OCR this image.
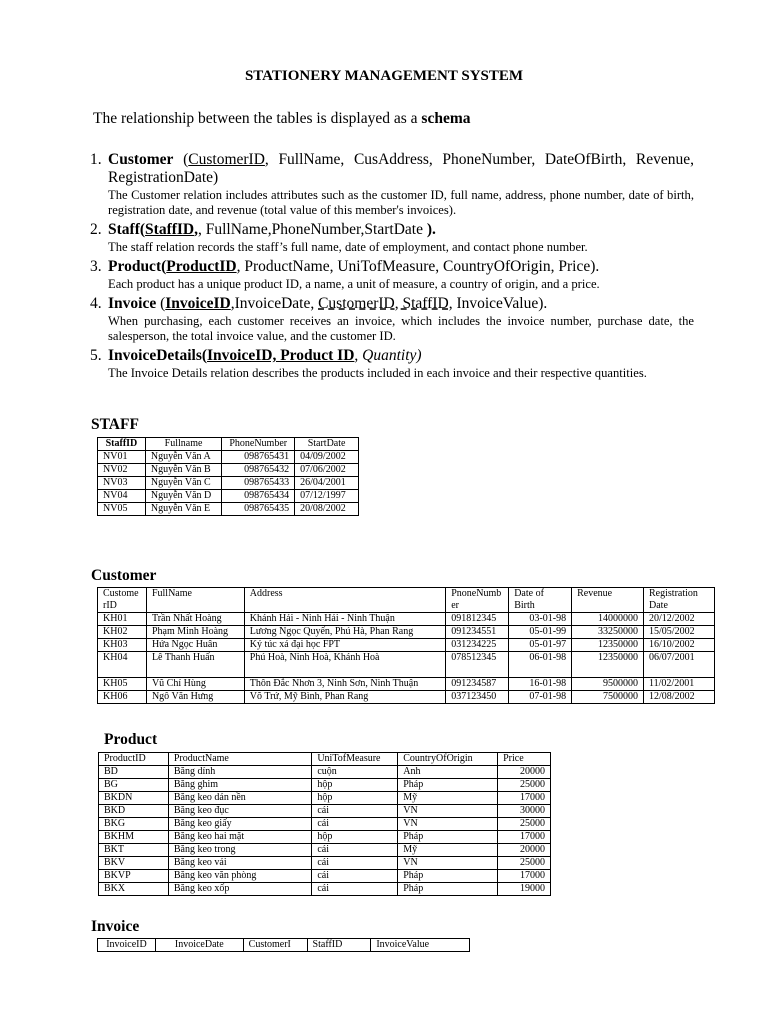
STATIONERY MANAGEMENT SYSTEM
The relationship between the tables is displayed as a schema
1. Customer (CustomerID, FullName, CusAddress, PhoneNumber, DateOfBirth, Revenue, RegistrationDate)
The Customer relation includes attributes such as the customer ID, full name, address, phone number, date of birth, registration date, and revenue (total value of this member's invoices).
2. Staff(StaffID,, FullName,PhoneNumber,StartDate ).
The staff relation records the staff’s full name, date of employment, and contact phone number.
3. Product(ProductID, ProductName, UniTofMeasure, CountryOfOrigin, Price).
Each product has a unique product ID, a name, a unit of measure, a country of origin, and a price.
4. Invoice (InvoiceID,InvoiceDate, CustomerID, StaffID, InvoiceValue).
When purchasing, each customer receives an invoice, which includes the invoice number, purchase date, the salesperson, the total invoice value, and the customer ID.
5. InvoiceDetails(InvoiceID, Product ID, Quantity)
The Invoice Details relation describes the products included in each invoice and their respective quantities.
STAFF
StaffID	Fullname	PhoneNumber	StartDate
NV01	Nguyễn Văn A	098765431	04/09/2002
NV02	Nguyễn Văn B	098765432	07/06/2002
NV03	Nguyễn Văn C	098765433	26/04/2001
NV04	Nguyễn Văn D	098765434	07/12/1997
NV05	Nguyễn Văn E	098765435	20/08/2002
Customer
CustomerID	FullName	Address	PnoneNumber	Date of Birth	Revenue	Registration Date
KH01	Trần Nhất Hoàng	Khánh Hải - Ninh Hải - Ninh Thuận	091812345	03-01-98	14000000	20/12/2002
KH02	Phạm Minh Hoàng	Lương Ngọc Quyến, Phú Hà, Phan Rang	091234551	05-01-99	33250000	15/05/2002
KH03	Hứa Ngọc Huân	Ký túc xá đại học FPT	031234225	05-01-97	12350000	16/10/2002
KH04	Lê Thanh Huấn	Phú Hoà, Ninh Hoà, Khánh Hoà	078512345	06-01-98	12350000	06/07/2001
KH05	Vũ Chí Hùng	Thôn Đắc Nhơn 3, Ninh Sơn, Ninh Thuận	091234587	16-01-98	9500000	11/02/2001
KH06	Ngô Văn Hưng	Võ Trứ, Mỹ Bình, Phan Rang	037123450	07-01-98	7500000	12/08/2002
Product
ProductID	ProductName	UniTofMeasure	CountryOfOrigin	Price
BD	Băng dính	cuộn	Anh	20000
BG	Băng ghim	hộp	Pháp	25000
BKDN	Băng keo dán nền	hộp	Mỹ	17000
BKD	Băng keo đục	cái	VN	30000
BKG	Băng keo giấy	cái	VN	25000
BKHM	Băng keo hai mặt	hộp	Pháp	17000
BKT	Băng keo trong	cái	Mỹ	20000
BKV	Băng keo vải	cái	VN	25000
BKVP	Băng keo văn phòng	cái	Pháp	17000
BKX	Băng keo xốp	cái	Pháp	19000
Invoice
InvoiceID	InvoiceDate	CustomerI	StaffID	InvoiceValue
